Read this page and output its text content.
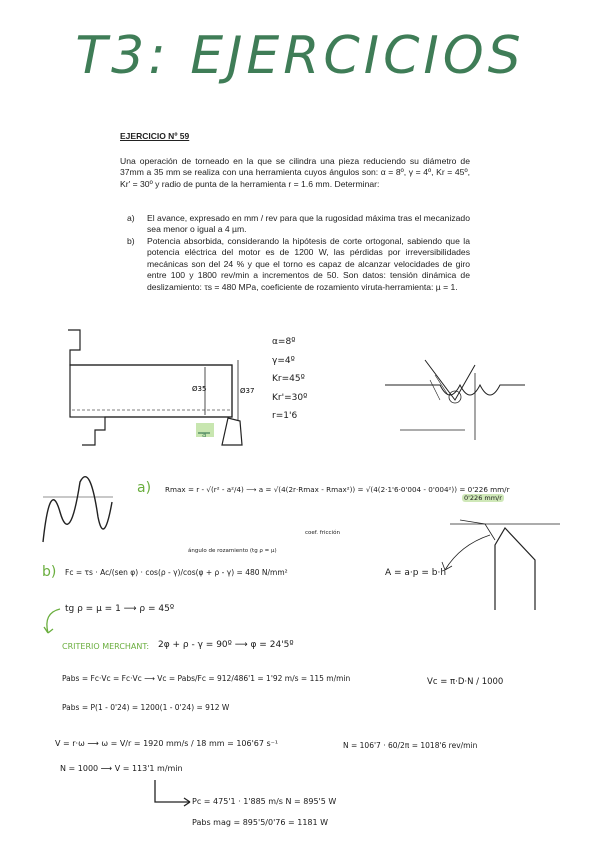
T3: EJERCICIOS
EJERCICIO Nº 59
Una operación de torneado en la que se cilindra una pieza reduciendo su diámetro de 37mm a 35 mm se realiza con una herramienta cuyos ángulos son: α = 8º, γ = 4º, Kr = 45º, Kr' = 30º y radio de punta de la herramienta r = 1.6 mm. Determinar:
a) El avance, expresado en mm / rev para que la rugosidad máxima tras el mecanizado sea menor o igual a 4 µm.
b) Potencia absorbida, considerando la hipótesis de corte ortogonal, sabiendo que la potencia eléctrica del motor es de 1200 W, las pérdidas por irreversibilidades mecánicas son del 24 % y que el torno es capaz de alcanzar velocidades de giro entre 100 y 1800 rev/min a incrementos de 50. Son datos: tensión dinámica de deslizamiento: τs = 480 MPa, coeficiente de rozamiento viruta-herramienta: µ = 1.
Ø35	Ø37
a
α=8º
γ=4º
Kr=45º
Kr'=30º
r=1'6
a) Rmax = r - √(r² - a²/4) ⟶ a = √(4(2r·Rmax - Rmax²)) = √(4(2·1'6·0'004 - 0'004²)) = 0'226 mm/r
0'226 mm/r
b) Fc = τs · Ac/(sen φ) · cos(ρ - γ)/cos(φ + ρ - γ) = 480 N/mm²
ángulo de rozamiento (tg ρ = µ)
coef. fricción
A = a·p = b·h
tg ρ = µ = 1 ⟶ ρ = 45º
CRITERIO MERCHANT: 2φ + ρ - γ = 90º ⟶ φ = 24'5º
Pabs = Fc·Vc = Fc·Vc ⟶ Vc = Pabs/Fc = 912/486'1 = 1'92 m/s = 115 m/min	Vc = π·D·N / 1000
Pabs = P(1 - 0'24) = 1200(1 - 0'24) = 912 W
V = r·ω ⟶ ω = V/r = 1920 mm/s / 18 mm = 106'67 s⁻¹	N = 106'7 · 60/2π = 1018'6 rev/min
N = 1000 ⟶ V = 113'1 m/min
Pc = 475'1 · 1'885 m/s N = 895'5 W
Pabs mag = 895'5/0'76 = 1181 W
